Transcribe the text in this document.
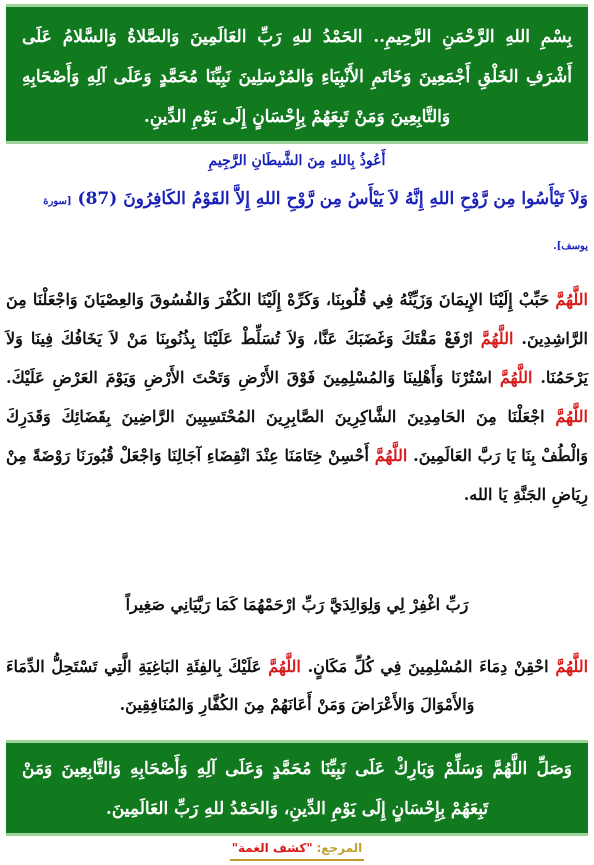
بِسْمِ اللهِ الرَّحْمَنِ الرَّحِيمِ.. الحَمْدُ للهِ رَبِّ العَالَمِينَ وَالصَّلاةُ وَالسَّلامُ عَلَى أَشْرَفِ الخَلْقِ أَجْمَعِينَ وَخَاتَمِ الأَنْبِيَاءِ وَالمُرْسَلِينَ نَبِيِّنَا مُحَمَّدٍ وَعَلَى آلِهِ وَأَصْحَابِهِ وَالتَّابِعِينَ وَمَنْ تَبِعَهُمْ بِإِحْسَانٍ إِلَى يَوْمِ الدِّينِ.
أَعُوذُ بِاللهِ مِنَ الشَّيطَانِ الرَّجِيمِ
وَلاَ تَيْأَسُوا مِن رَّوْحِ اللهِ إِنَّهُ لاَ يَيْأَسُ مِن رَّوْحِ اللهِ إِلاَّ القَوْمُ الكَافِرُونَ (87) [سورة يوسف].
اللَّهُمَّ حَبِّبْ إِلَيْنَا الإِيمَانَ وَزَيِّنْهُ فِي قُلُوبِنَا، وَكَرِّهْ إِلَيْنَا الكُفْرَ وَالفُسُوقَ وَالعِصْيَانَ وَاجْعَلْنَا مِنَ الرَّاشِدِينَ. اللَّهُمَّ ارْفَعْ مَقْتَكَ وَغَضَبَكَ عَنَّا، وَلاَ تُسَلِّطْ عَلَيْنَا بِذُنُوبِنَا مَنْ لاَ يَخَافُكَ فِينَا وَلاَ يَرْحَمُنَا. اللَّهُمَّ اسْتُرْنَا وَأَهْلِينَا وَالمُسْلِمِينَ فَوْقَ الأَرْضِ وَتَحْتَ الأَرْضِ وَيَوْمَ العَرْضِ عَلَيْكَ. اللَّهُمَّ اجْعَلْنَا مِنَ الحَامِدِينَ الشَّاكِرِينَ الصَّابِرِينَ المُحْتَسِبِينَ الرَّاضِينَ بِقَضَائِكَ وَقَدَرِكَ وَالْطُفْ بِنَا يَا رَبَّ العَالَمِينَ. اللَّهُمَّ أَحْسِنْ خِتَامَنَا عِنْدَ انْقِضَاءِ آجَالِنَا وَاجْعَلْ قُبُورَنَا رَوْضَةً مِنْ رِيَاضِ الجَنَّةِ يَا الله.
رَبِّ اغْفِرْ لِي وَلِوَالِدَيَّ رَبِّ ارْحَمْهُمَا كَمَا رَبَّيَانِي صَغِيراً
اللَّهُمَّ احْقِنْ دِمَاءَ المُسْلِمِينَ فِي كُلِّ مَكَانٍ. اللَّهُمَّ عَلَيْكَ بِالفِئَةِ البَاغِيَةِ الَّتِي تَسْتَحِلُّ الدِّمَاءَ وَالأَمْوَالَ وَالأَعْرَاضَ وَمَنْ أَعَانَهُمْ مِنَ الكُفَّارِ وَالمُنَافِقِينَ.
وَصَلِّ اللَّهُمَّ وَسَلِّمْ وَبَارِكْ عَلَى نَبِيِّنَا مُحَمَّدٍ وَعَلَى آلِهِ وَأَصْحَابِهِ وَالتَّابِعِينَ وَمَنْ تَبِعَهُمْ بِإِحْسَانٍ إِلَى يَوْمِ الدِّينِ، وَالحَمْدُ للهِ رَبِّ العَالَمِينَ.
المرجع: "كشف الغمة"
